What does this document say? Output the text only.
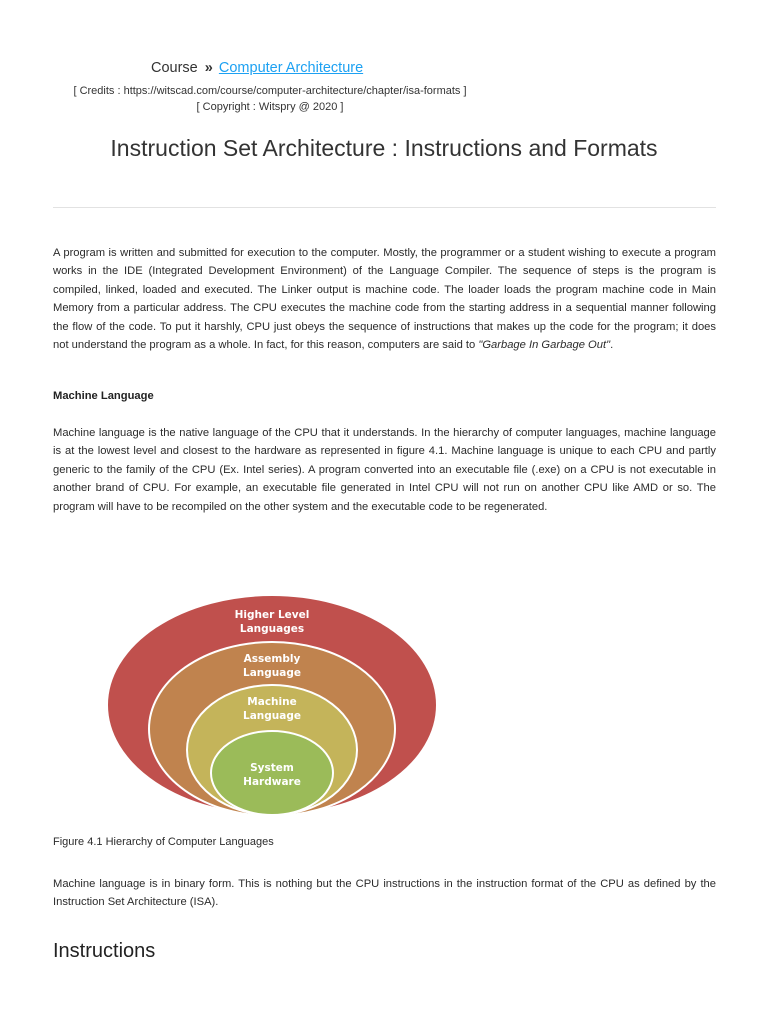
Course » Computer Architecture
[ Credits : https://witscad.com/course/computer-architecture/chapter/isa-formats ]
[ Copyright : Witspry @ 2020 ]
Instruction Set Architecture : Instructions and Formats

A program is written and submitted for execution to the computer. Mostly, the programmer or a student wishing to execute a program works in the IDE (Integrated Development Environment) of the Language Compiler. The sequence of steps is the program is compiled, linked, loaded and executed. The Linker output is machine code. The loader loads the program machine code in Main Memory from a particular address. The CPU executes the machine code from the starting address in a sequential manner following the flow of the code. To put it harshly, CPU just obeys the sequence of instructions that makes up the code for the program; it does not understand the program as a whole. In fact, for this reason, computers are said to "Garbage In Garbage Out".

Machine Language

Machine language is the native language of the CPU that it understands. In the hierarchy of computer languages, machine language is at the lowest level and closest to the hardware as represented in figure 4.1. Machine language is unique to each CPU and partly generic to the family of the CPU (Ex. Intel series). A program converted into an executable file (.exe) on a CPU is not executable in another brand of CPU. For example, an executable file generated in Intel CPU will not run on another CPU like AMD or so. The program will have to be recompiled on the other system and the executable code to be regenerated.

Higher Level
Languages
Assembly
Language
Machine
Language
System
Hardware

Figure 4.1 Hierarchy of Computer Languages

Machine language is in binary form. This is nothing but the CPU instructions in the instruction format of the CPU as defined by the Instruction Set Architecture (ISA).

Instructions
